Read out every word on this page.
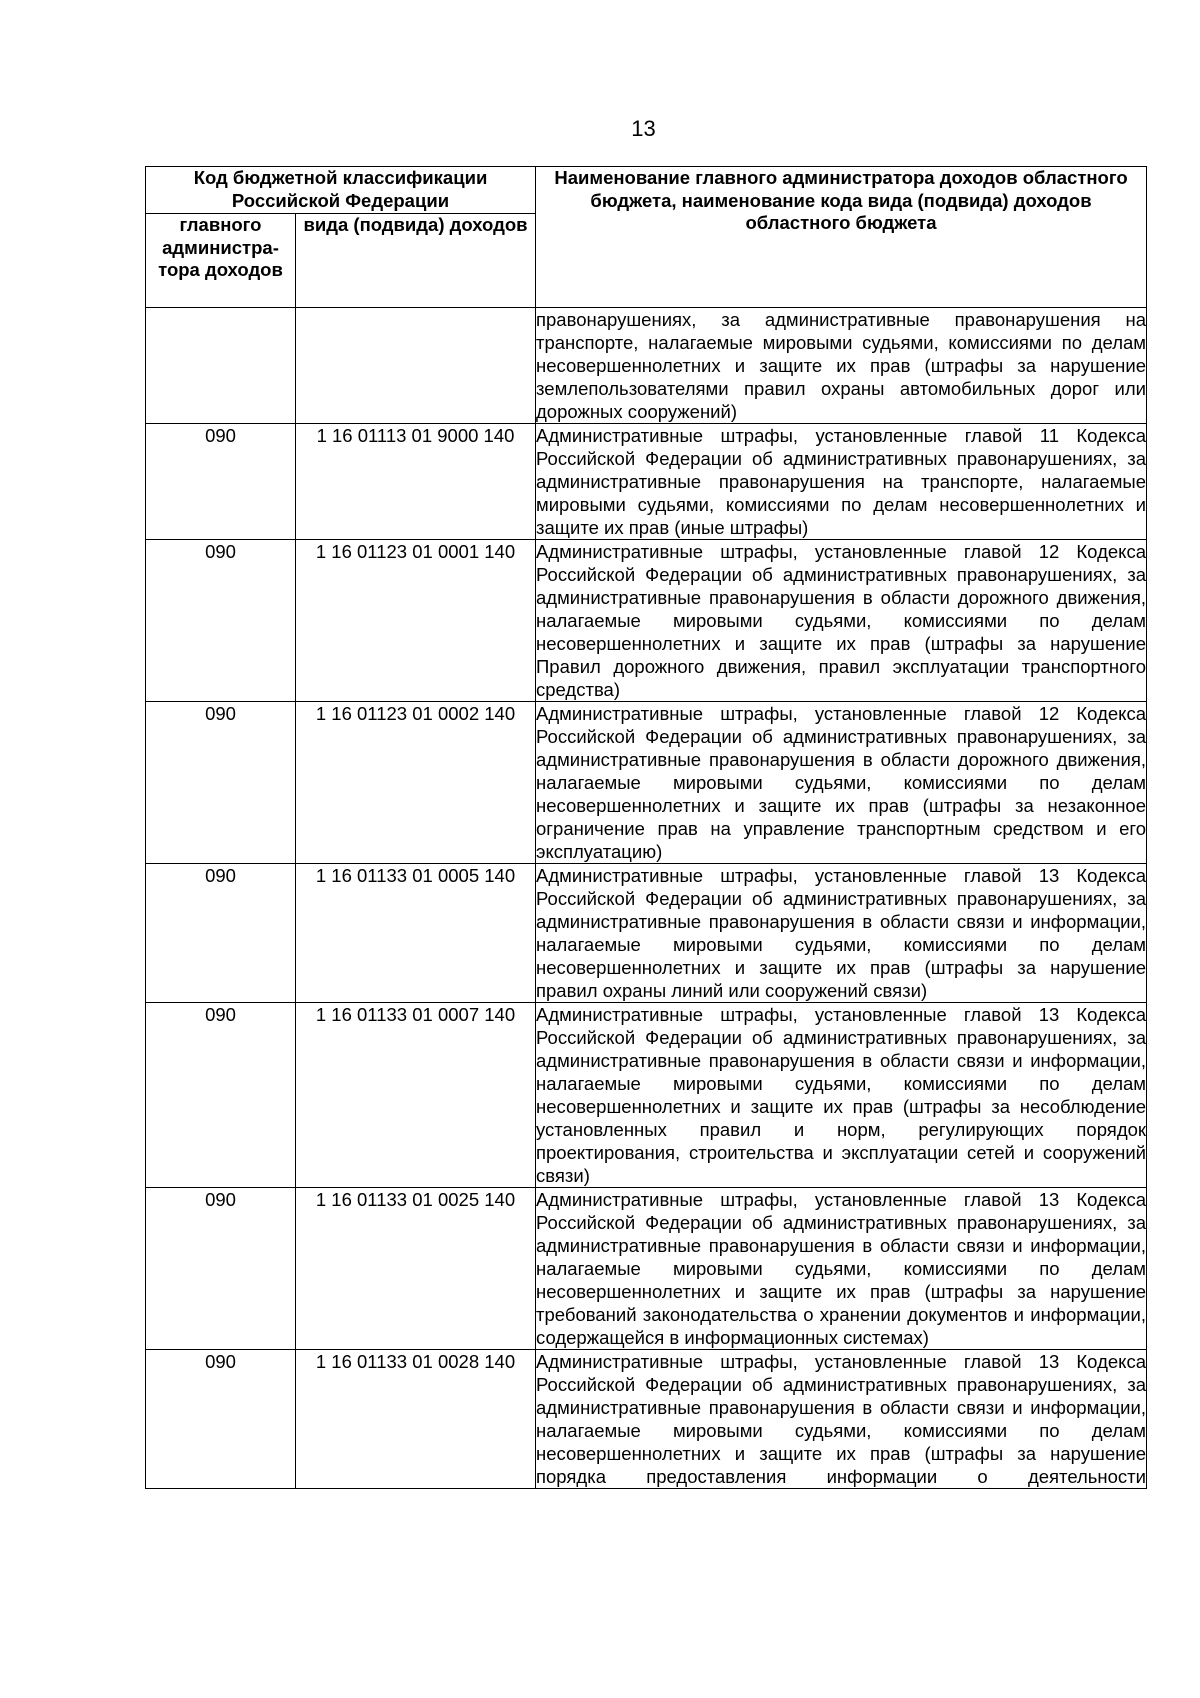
13
Код бюджетной классификации Российской Федерации		Наименование главного администратора доходов областного бюджета, наименование кода вида (подвида) доходов областного бюджета
главного администра-тора доходов	вида (подвида) доходов	
		правонарушениях, за административные правонарушения на транспорте, налагаемые мировыми судьями, комиссиями по делам несовершеннолетних и защите их прав (штрафы за нарушение землепользователями правил охраны автомобильных дорог или дорожных сооружений)
090	1 16 01113 01 9000 140	Административные штрафы, установленные главой 11 Кодекса Российской Федерации об административных правонарушениях, за административные правонарушения на транспорте, налагаемые мировыми судьями, комиссиями по делам несовершеннолетних и защите их прав (иные штрафы)
090	1 16 01123 01 0001 140	Административные штрафы, установленные главой 12 Кодекса Российской Федерации об административных правонарушениях, за административные правонарушения в области дорожного движения, налагаемые мировыми судьями, комиссиями по делам несовершеннолетних и защите их прав (штрафы за нарушение Правил дорожного движения, правил эксплуатации транспортного средства)
090	1 16 01123 01 0002 140	Административные штрафы, установленные главой 12 Кодекса Российской Федерации об административных правонарушениях, за административные правонарушения в области дорожного движения, налагаемые мировыми судьями, комиссиями по делам несовершеннолетних и защите их прав (штрафы за незаконное ограничение прав на управление транспортным средством и его эксплуатацию)
090	1 16 01133 01 0005 140	Административные штрафы, установленные главой 13 Кодекса Российской Федерации об административных правонарушениях, за административные правонарушения в области связи и информации, налагаемые мировыми судьями, комиссиями по делам несовершеннолетних и защите их прав (штрафы за нарушение правил охраны линий или сооружений связи)
090	1 16 01133 01 0007 140	Административные штрафы, установленные главой 13 Кодекса Российской Федерации об административных правонарушениях, за административные правонарушения в области связи и информации, налагаемые мировыми судьями, комиссиями по делам несовершеннолетних и защите их прав (штрафы за несоблюдение установленных правил и норм, регулирующих порядок проектирования, строительства и эксплуатации сетей и сооружений связи)
090	1 16 01133 01 0025 140	Административные штрафы, установленные главой 13 Кодекса Российской Федерации об административных правонарушениях, за административные правонарушения в области связи и информации, налагаемые мировыми судьями, комиссиями по делам несовершеннолетних и защите их прав (штрафы за нарушение требований законодательства о хранении документов и информации, содержащейся в информационных системах)
090	1 16 01133 01 0028 140	Административные штрафы, установленные главой 13 Кодекса Российской Федерации об административных правонарушениях, за административные правонарушения в области связи и информации, налагаемые мировыми судьями, комиссиями по делам несовершеннолетних и защите их прав (штрафы за нарушение порядка предоставления информации о деятельности
